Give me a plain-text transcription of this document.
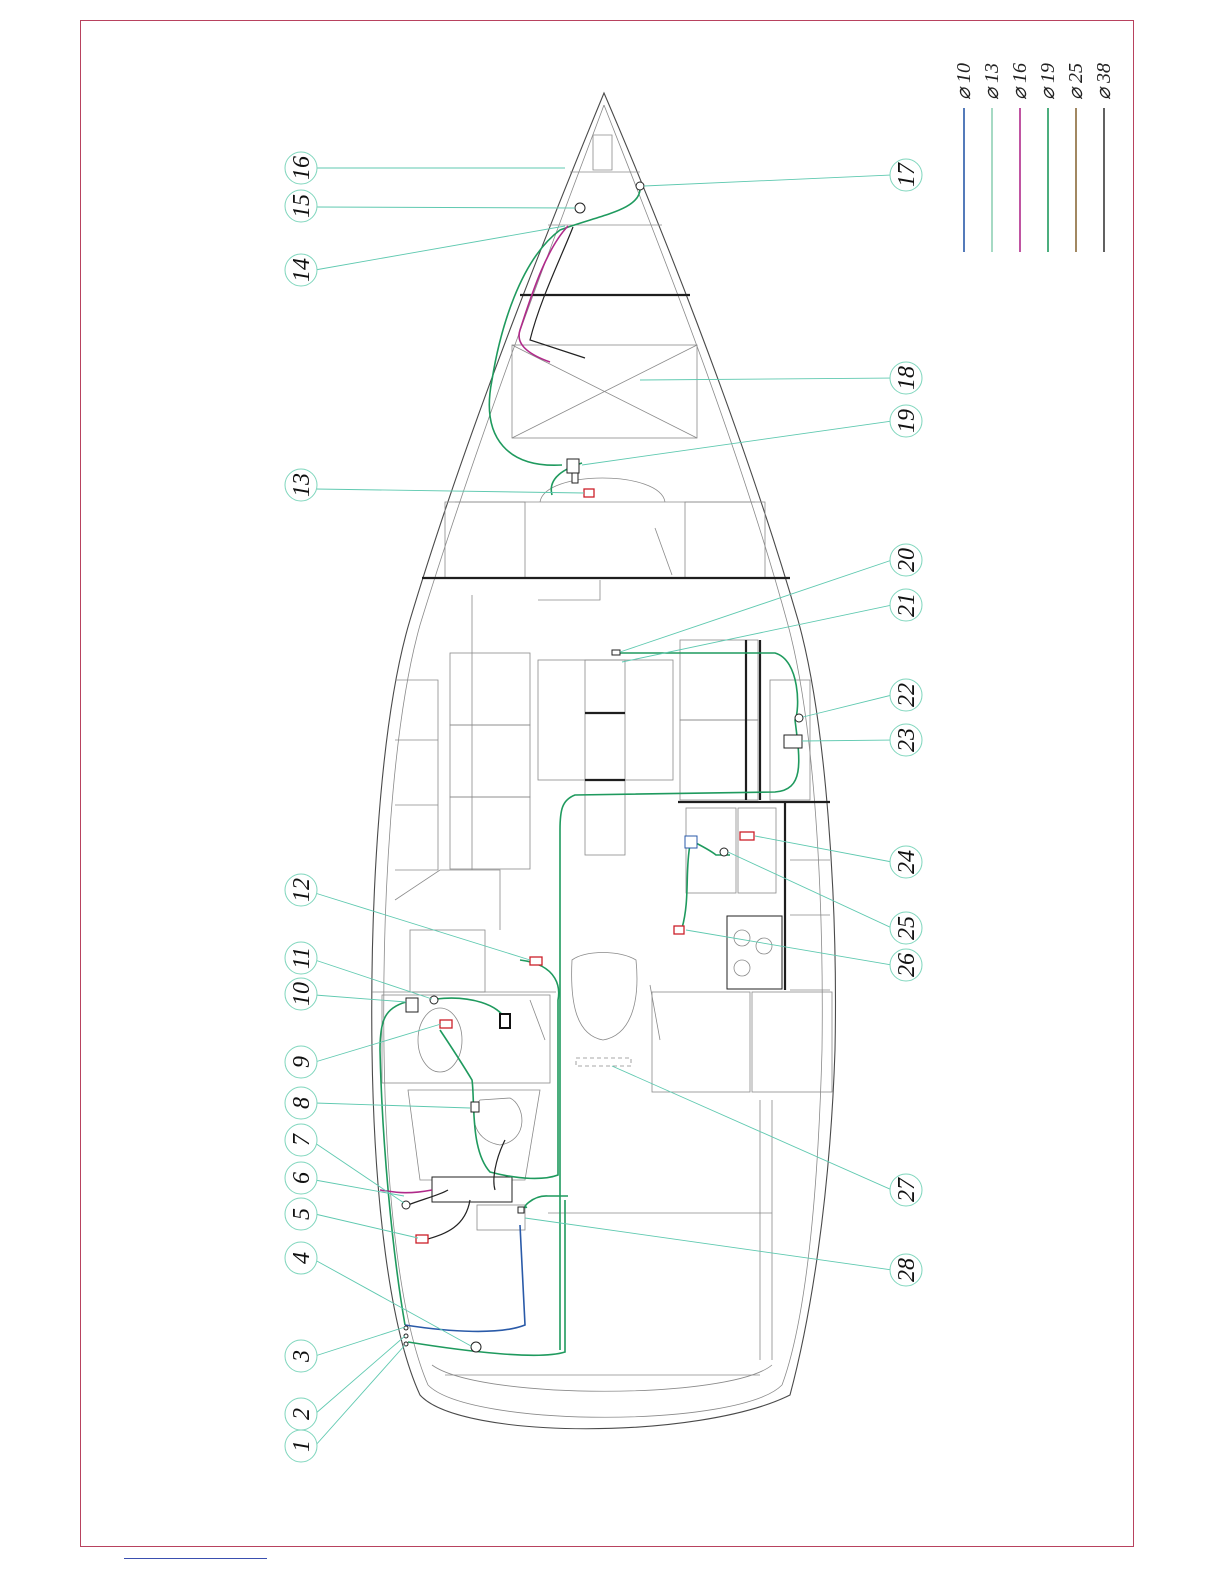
16
15
14
13
12
11
10
9
8
7
6
5
4
3
2
1
17
18
19
20
21
22
23
24
25
26
27
28
⌀ 10 ⌀ 13 ⌀ 16 ⌀ 19 ⌀ 25 ⌀ 38
